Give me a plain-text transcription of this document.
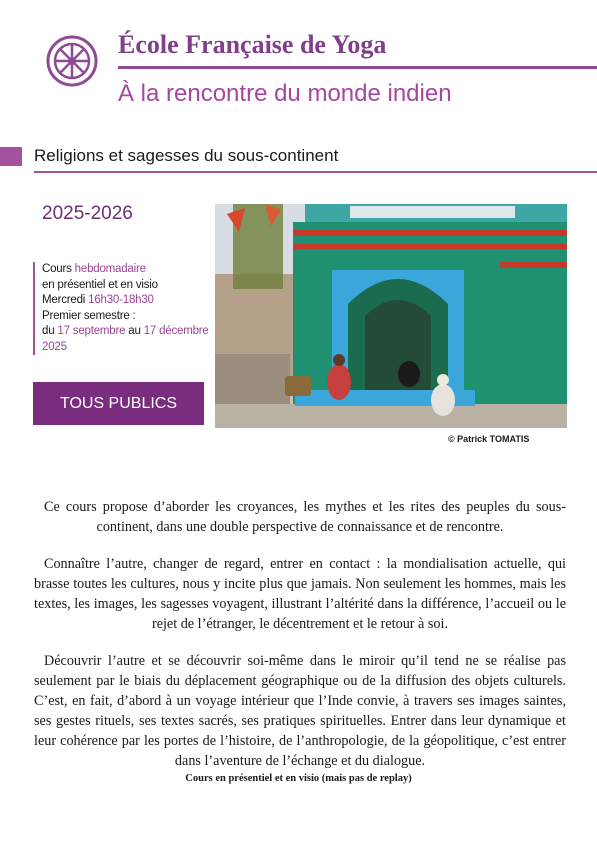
École Française de Yoga
À la rencontre du monde indien
Religions et sagesses du sous-continent
2025-2026
Cours hebdomadaire
en présentiel et en visio
Mercredi 16h30-18h30
Premier semestre :
du 17 septembre au 17 décembre 2025
TOUS PUBLICS
© Patrick TOMATIS

Ce cours propose d’aborder les croyances, les mythes et les rites des peuples du sous-continent, dans une double perspective de connaissance et de rencontre.

Connaître l’autre, changer de regard, entrer en contact : la mondialisation actuelle, qui brasse toutes les cultures, nous y incite plus que jamais. Non seulement les hommes, mais les textes, les images, les sagesses voyagent, illustrant l’altérité dans la différence, l’accueil ou le rejet de l’étranger, le décentrement et le retour à soi.

Découvrir l’autre et se découvrir soi-même dans le miroir qu’il tend ne se réalise pas seulement par le biais du déplacement géographique ou de la diffusion des objets culturels. C’est, en fait, d’abord à un voyage intérieur que l’Inde convie, à travers ses images saintes, ses gestes rituels, ses textes sacrés, ses pratiques spirituelles. Entrer dans leur dynamique et leur cohérence par les portes de l’histoire, de l’anthropologie, de la géopolitique, c’est entrer dans l’aventure de l’échange et du dialogue.

Cours en présentiel et en visio (mais pas de replay)
